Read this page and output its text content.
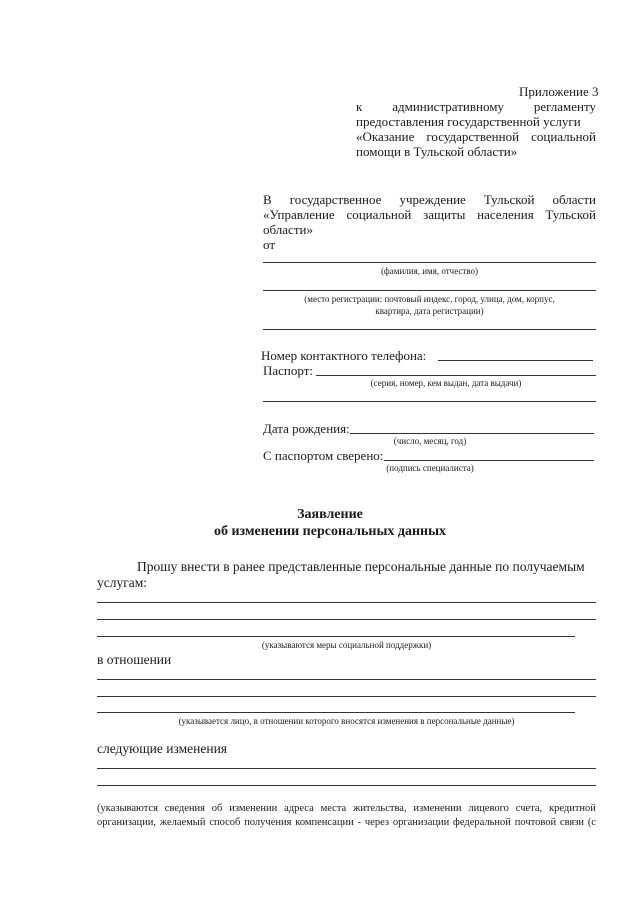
Приложение 3
к административному регламенту
предоставления государственной услуги
«Оказание государственной социальной
помощи в Тульской области»
В государственное учреждение Тульской области
«Управление социальной защиты населения Тульской
области»
от
(фамилия, имя, отчество)
(место регистрации: почтовый индекс, город, улица, дом, корпус,
квартира, дата регистрации)
Номер контактного телефона:
Паспорт:
(серия, номер, кем выдан, дата выдачи)
Дата рождения:
(число, месяц, год)
С паспортом сверено:
(подпись специалиста)
Заявление
об изменении персональных данных
Прошу внести в ранее представленные персональные данные по получаемым
услугам:
(указываются меры социальной поддержки)
в отношении
(указывается лицо, в отношении которого вносятся изменения в персональные данные)
следующие изменения
(указываются сведения об изменении адреса места жительства, изменении лицевого счета, кредитной
организации, желаемый способ получения компенсации - через организации федеральной почтовой связи (с
